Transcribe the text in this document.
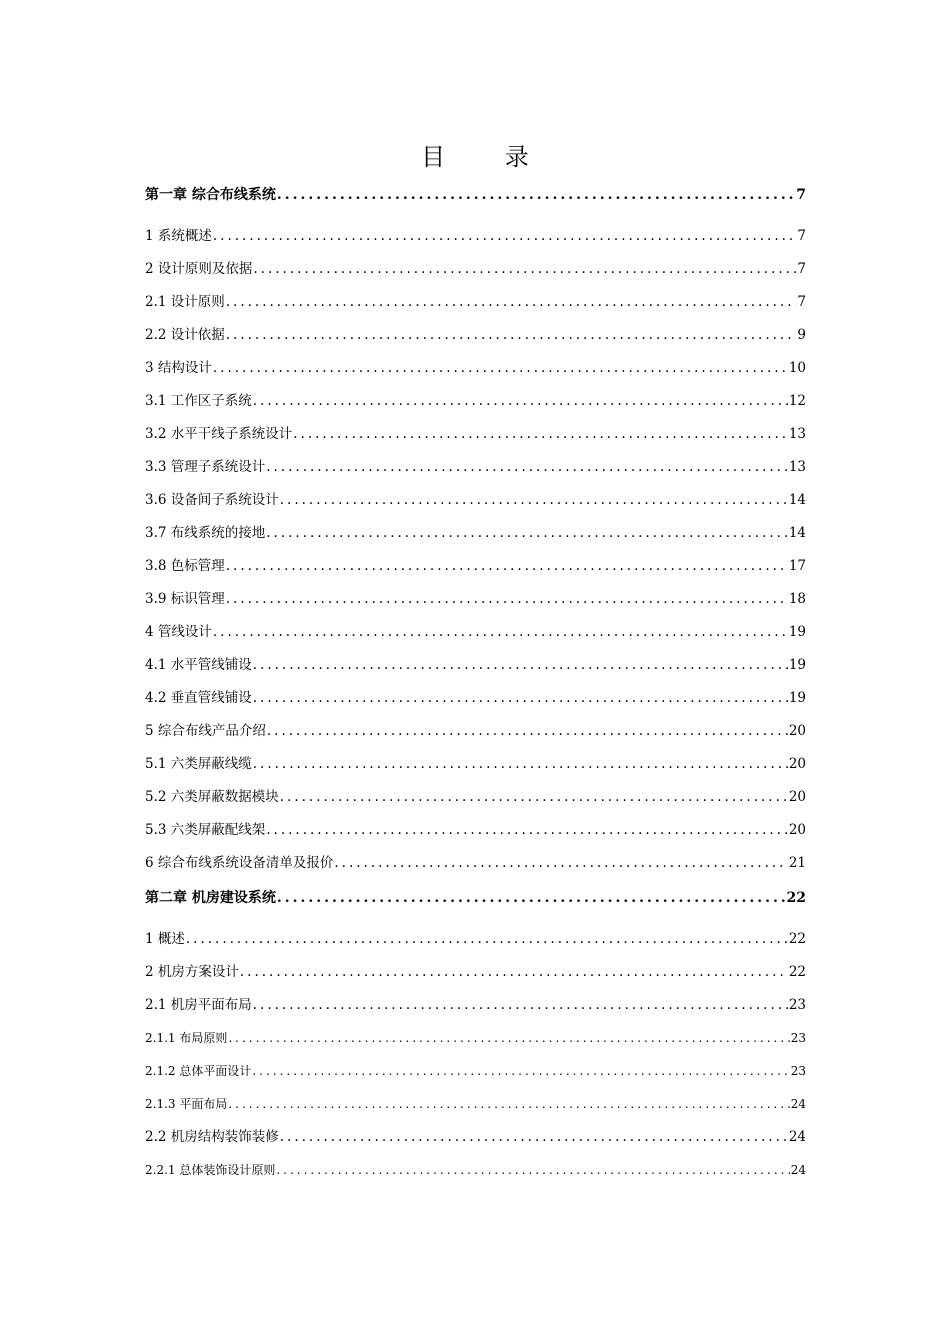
目 录
第一章 综合布线系统 .....	7
1 系统概述 .....	7
2 设计原则及依据 .....	7
2.1 设计原则 .....	7
2.2 设计依据 .....	9
3 结构设计 .....	10
3.1 工作区子系统 .....	12
3.2 水平干线子系统设计 .....	13
3.3 管理子系统设计 .....	13
3.6 设备间子系统设计 .....	14
3.7 布线系统的接地 .....	14
3.8 色标管理 .....	17
3.9 标识管理 .....	18
4 管线设计 .....	19
4.1 水平管线铺设 .....	19
4.2 垂直管线铺设 .....	19
5 综合布线产品介绍 .....	20
5.1 六类屏蔽线缆 .....	20
5.2 六类屏蔽数据模块 .....	20
5.3 六类屏蔽配线架 .....	20
6 综合布线系统设备清单及报价 .....	21
第二章 机房建设系统 .....	22
1 概述 .....	22
2 机房方案设计 .....	22
2.1 机房平面布局 .....	23
2.1.1 布局原则 .....	23
2.1.2 总体平面设计 .....	23
2.1.3 平面布局 .....	24
2.2 机房结构装饰装修 .....	24
2.2.1 总体装饰设计原则 .....	24
